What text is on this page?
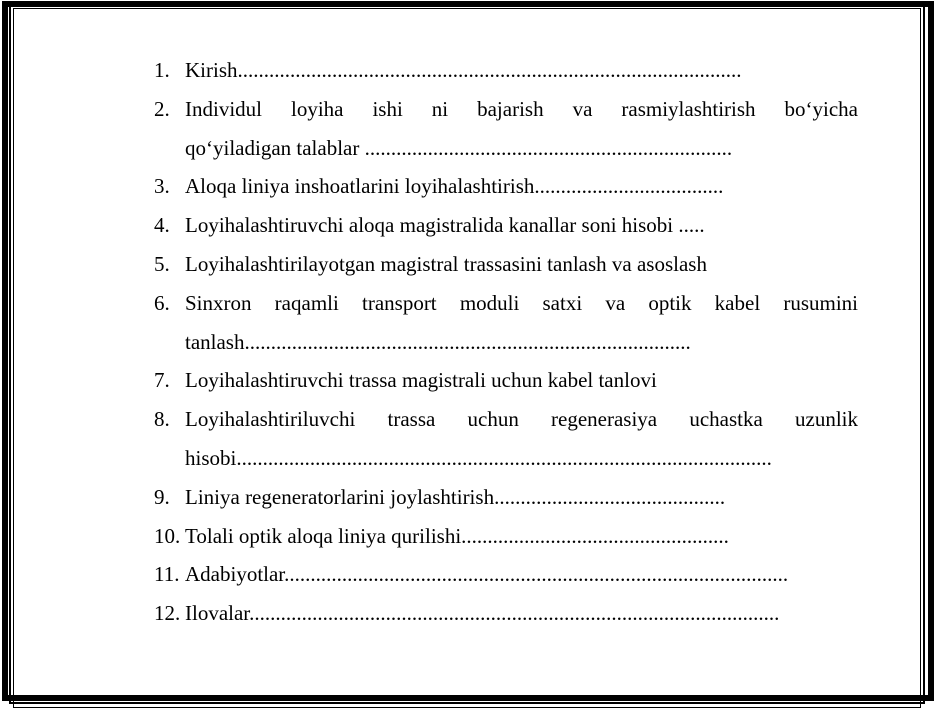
1. Kirish................................................................................................
2. Individul loyiha ishi ni bajarish va rasmiylashtirish bo‘yicha
qo‘yiladigan talablar ......................................................................
3. Aloqa liniya inshoatlarini loyihalashtirish....................................
4. Loyihalashtiruvchi aloqa magistralida kanallar soni hisobi .....
5. Loyihalashtirilayotgan magistral trassasini tanlash va asoslash
6. Sinxron raqamli transport moduli satxi va optik kabel rusumini
tanlash.....................................................................................
7. Loyihalashtiruvchi trassa magistrali uchun kabel tanlovi
8. Loyihalashtiriluvchi trassa uchun regenerasiya uchastka uzunlik
hisobi......................................................................................................
9. Liniya regeneratorlarini joylashtirish............................................
10. Tolali optik aloqa liniya qurilishi...................................................
11. Adabiyotlar................................................................................................
12. Ilovalar.....................................................................................................
